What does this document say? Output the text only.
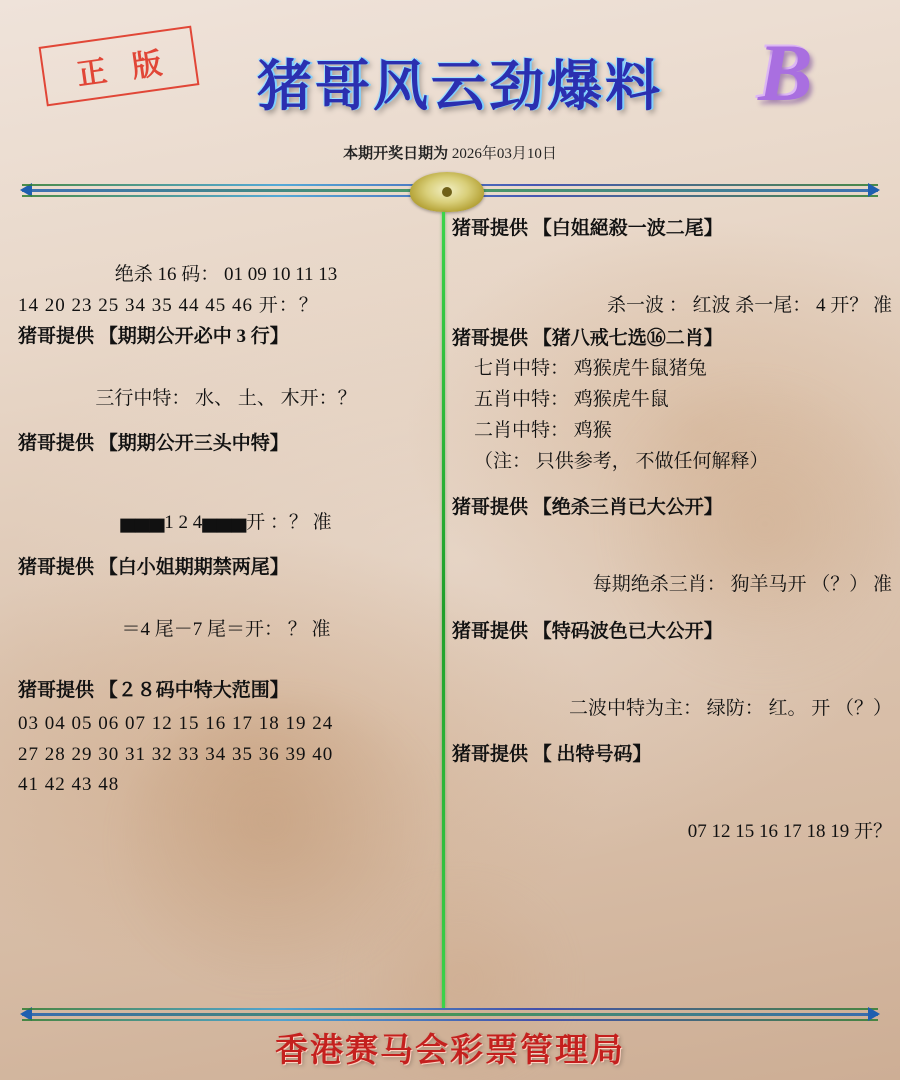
正 版	猪哥风云劲爆料	B
本期开奖日期为 2026年03月10日
绝杀 16 码： 01 09 10 11 13
14 20 23 25 34 35 44 45 46 开：？
猪哥提供 【期期公开必中 3 行】
三行中特： 水、 土、 木开：？
猪哥提供 【期期公开三头中特】
▅▅▅1 2 4▅▅▅开 ：？ 准
猪哥提供 【白小姐期期禁两尾】
＝4 尾－7 尾＝开： ？ 准
猪哥提供 【２８码中特大范围】
03 04 05 06 07 12 15 16 17 18 19 24
27 28 29 30 31 32 33 34 35 36 39 40
41 42 43 48
猪哥提供 【白姐絕殺一波二尾】
杀一波 ： 红波 杀一尾： 4 开？ 准
猪哥提供 【猪八戒七选⑯二肖】
七肖中特： 鸡猴虎牛鼠猪兔
五肖中特： 鸡猴虎牛鼠
二肖中特： 鸡猴
（注： 只供参考， 不做任何解释）
猪哥提供 【绝杀三肖已大公开】
每期绝杀三肖： 狗羊马开 （？） 准
猪哥提供 【特码波色已大公开】
二波中特为主： 绿防： 红。 开 （？）
猪哥提供 【 出特号码】
07 12 15 16 17 18 19 开？
香港赛马会彩票管理局
